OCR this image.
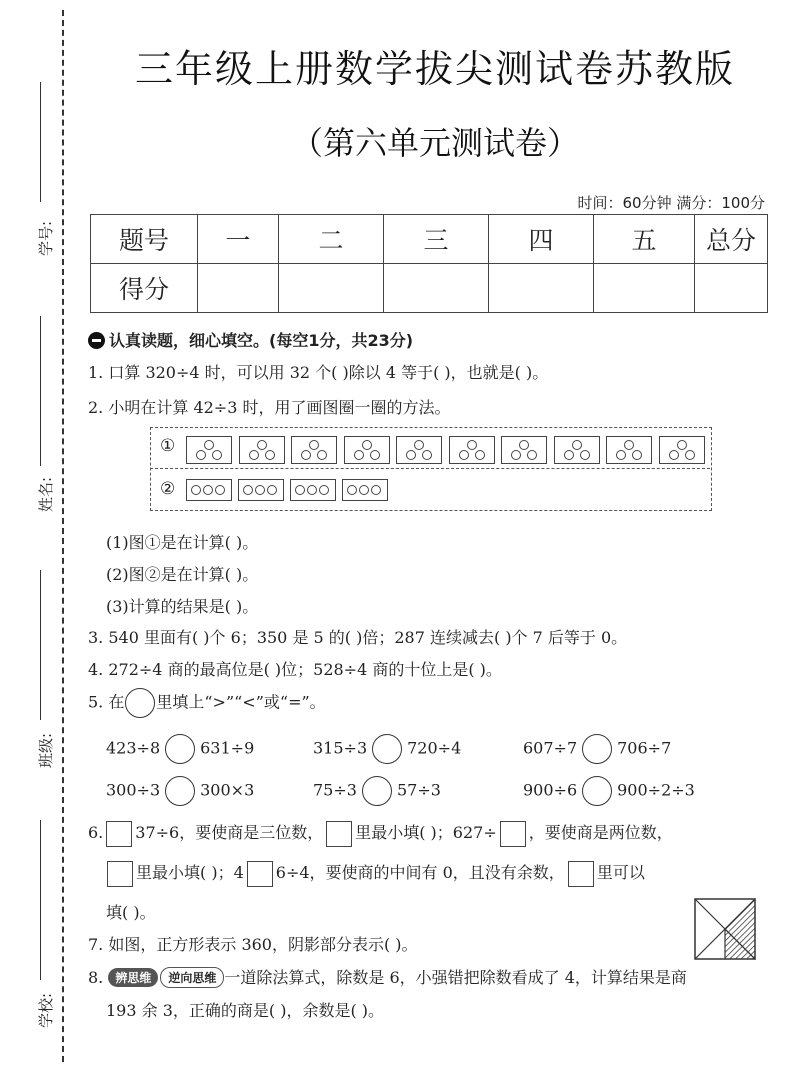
学号:
姓名:
班级:
学校:
三年级上册数学拔尖测试卷苏教版
（第六单元测试卷）
时间：60分钟 满分：100分
题号	一	二	三	四	五	总分
得分						
认真读题，细心填空。(每空1分，共23分)
1. 口算 320÷4 时，可以用 32 个( )除以 4 等于( )，也就是( )。
2. 小明在计算 42÷3 时，用了画图圈一圈的方法。
①
②
(1)图①是在计算( )。
(2)图②是在计算( )。
(3)计算的结果是( )。
3. 540 里面有( )个 6；350 是 5 的( )倍；287 连续减去( )个 7 后等于 0。
4. 272÷4 商的最高位是( )位；528÷4 商的十位上是( )。
5. 在 里填上“>”“<”或“=”。
423÷8	631÷9	315÷3	720÷4	607÷7	706÷7
300÷3	300×3	75÷3	57÷3	900÷6	900÷2÷3
6. 37÷6，要使商是三位数， 里最小填( )；627÷ ，要使商是两位数，
里最小填( )；4 6÷4，要使商的中间有 0，且没有余数， 里可以
填( )。
7. 如图，正方形表示 360，阴影部分表示( )。
8. 辨思维 逆向思维 一道除法算式，除数是 6，小强错把除数看成了 4，计算结果是商
193 余 3，正确的商是( )，余数是( )。
